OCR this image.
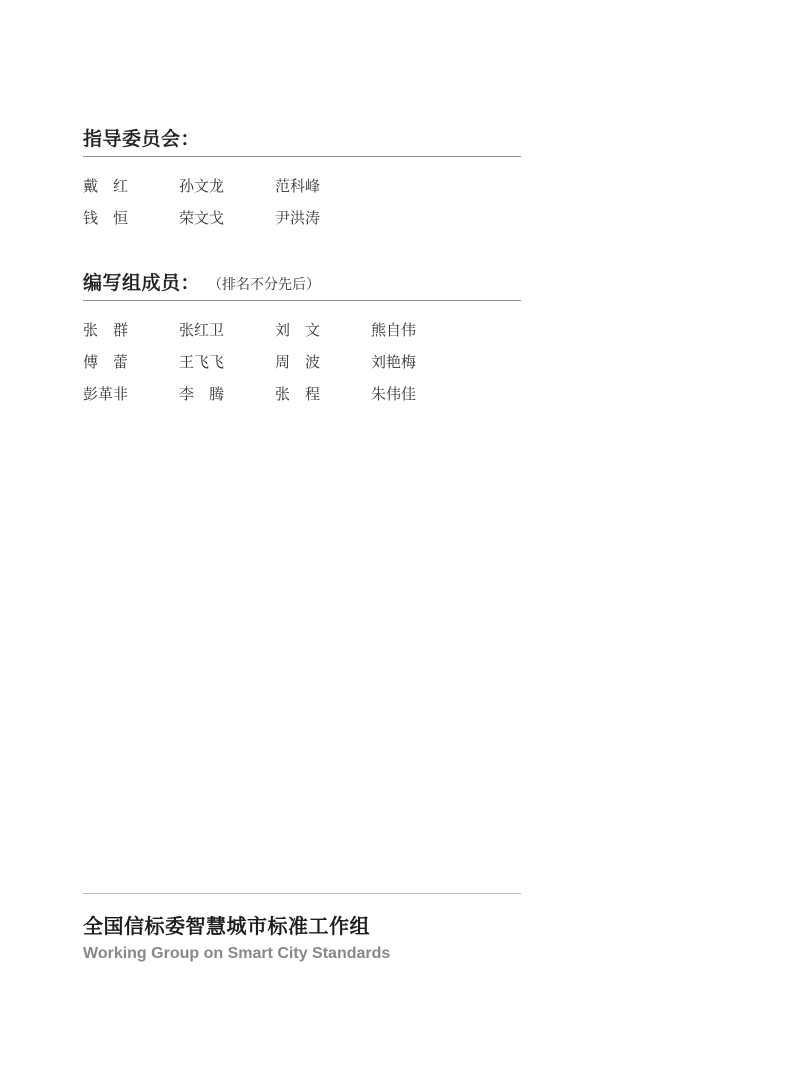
指导委员会：
戴　红	孙文龙	范科峰
钱　恒	荣文戈	尹洪涛
编写组成员： （排名不分先后）
张　群	张红卫	刘　文	熊自伟
傅　蕾	王飞飞	周　波	刘艳梅
彭革非	李　腾	张　程	朱伟佳
全国信标委智慧城市标准工作组
Working Group on Smart City Standards
